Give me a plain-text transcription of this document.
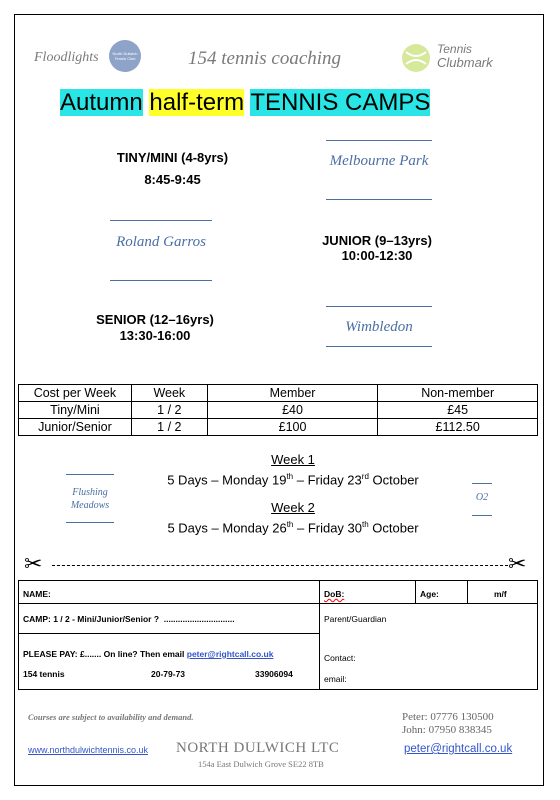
Floodlights	North Dulwich Tennis Club	154 tennis coaching	Tennis
Clubmark
Autumn half-term TENNIS CAMPS
TINY/MINI (4-8yrs)
8:45-9:45
Melbourne Park
Roland Garros	JUNIOR (9–13yrs)
10:00-12:30
SENIOR (12–16yrs)
13:30-16:00
Wimbledon
Cost per Week	Week	Member	Non-member
Tiny/Mini	1 / 2	£40	£45
Junior/Senior	1 / 2	£100	£112.50
Week 1
5 Days – Monday 19th – Friday 23rd October
Week 2
5 Days – Monday 26th – Friday 30th October
Flushing Meadows
O2
✂	✂
NAME:	DoB:	Age:	m/f
CAMP: 1 / 2 - Mini/Junior/Senior ?  ..............................	Parent/Guardian
PLEASE PAY: £....... On line? Then email peter@rightcall.co.uk	Contact:
154 tennis	20-79-73	33906094	email:
Courses are subject to availability and demand.	Peter: 07776 130500
John: 07950 838345
www.northdulwichtennis.co.uk NORTH DULWICH LTC
154a East Dulwich Grove SE22 8TB
peter@rightcall.co.uk
